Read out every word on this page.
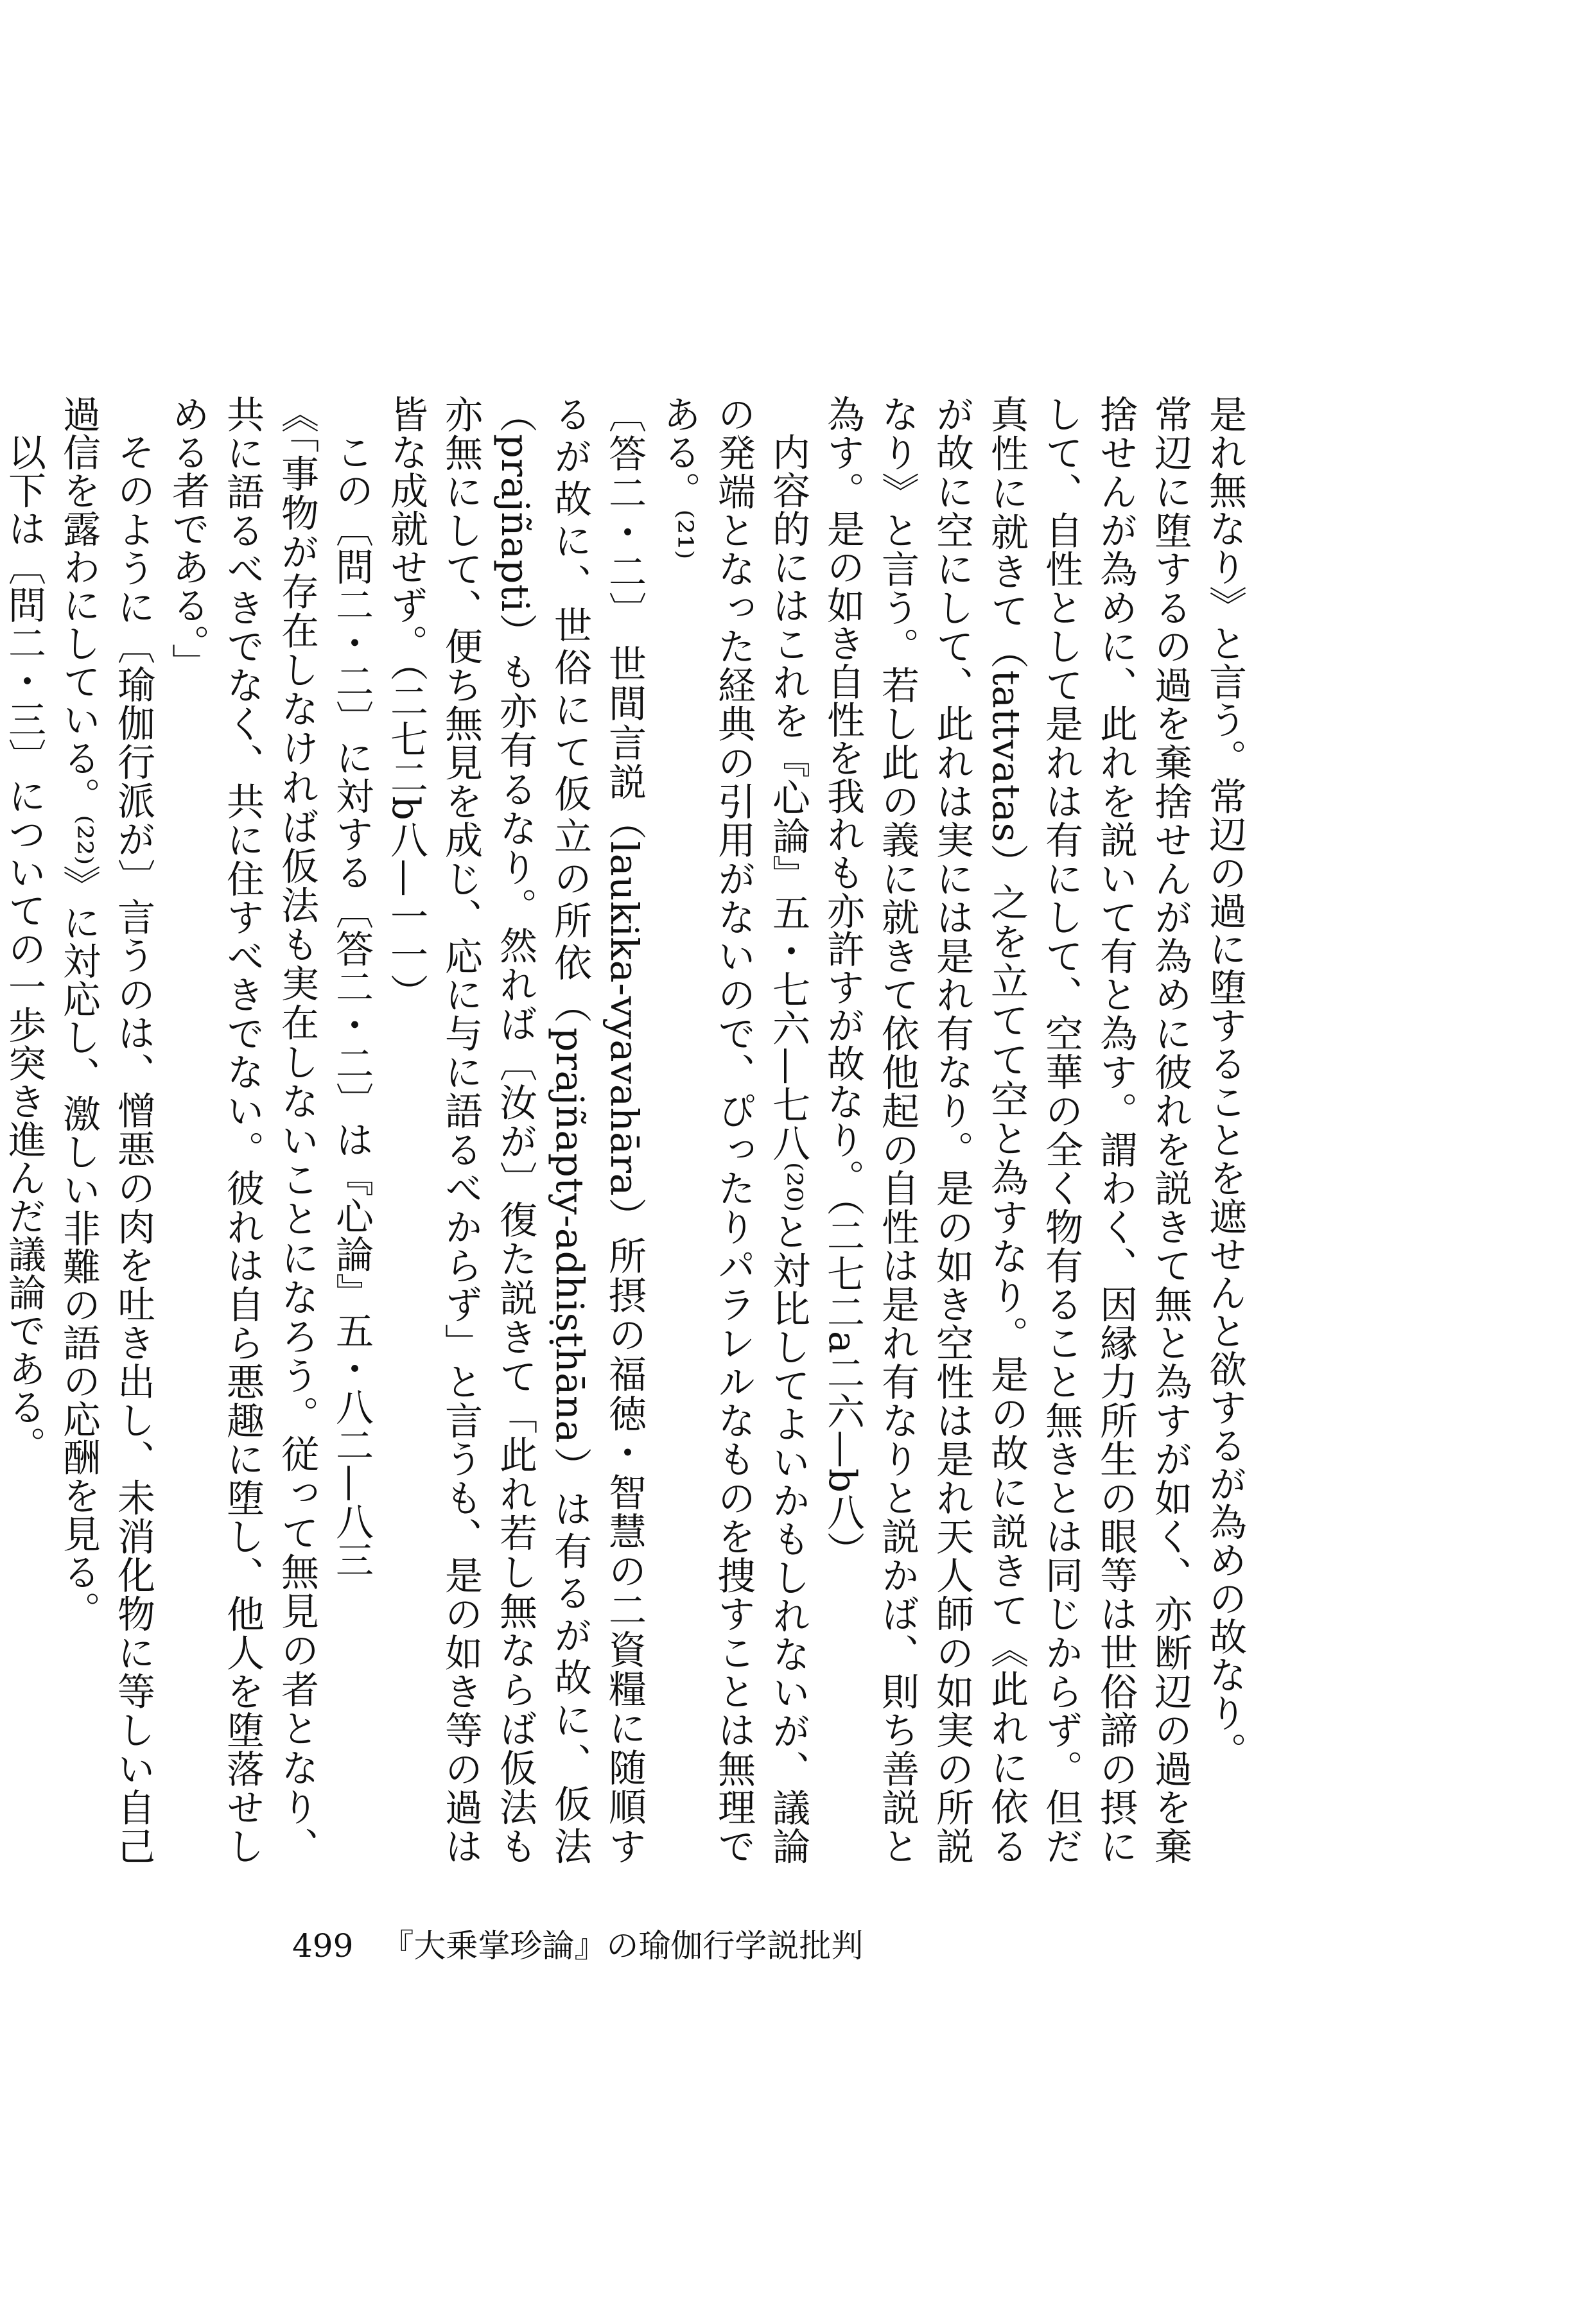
是れ無なり》と言う。常辺の過に堕することを遮せんと欲するが為めの故なり。

常辺に堕するの過を棄捨せんが為めに彼れを説きて無と為すが如く、亦断辺の過を棄捨せんが為めに、此れを説いて有と為す。謂わく、因縁力所生の眼等は世俗諦の摂にして、自性として是れは有にして、空華の全く物有ること無きとは同じからず。但だ真性に就きて（tattvatas）之を立てて空と為すなり。是の故に説きて《此れに依るが故に空にして、此れは実には是れ有なり。是の如き空性は是れ天人師の如実の所説なり》と言う。若し此の義に就きて依他起の自性は是れ有なりと説かば、則ち善説と為す。是の如き自性を我れも亦許すが故なり。（二七二a二六—b八）

内容的にはこれを『心論』五・七六—七八⁽²⁰⁾と対比してよいかもしれないが、議論の発端となった経典の引用がないので、ぴったりパラレルなものを捜すことは無理である。⁽²¹⁾

〔答二・二〕 世間言説（laukika-vyavahāra）所摂の福徳・智慧の二資糧に随順するが故に、世俗にて仮立の所依（prajñapty-adhiṣṭhāna）は有るが故に、仮法（prajñapti）も亦有るなり。然れば〔汝が〕復た説きて「此れ若し無ならば仮法も亦無にして、便ち無見を成じ、応に与に語るべからず」と言うも、是の如き等の過は皆な成就せず。（二七二b八—一一）

この〔問二・二〕に対する〔答二・二〕は『心論』五・八二—八三

《「事物が存在しなければ仮法も実在しないことになろう。従って無見の者となり、共に語るべきでなく、共に住すべきでない。彼れは自ら悪趣に堕し、他人を堕落せしめる者である。」

そのように〔瑜伽行派が〕言うのは、憎悪の肉を吐き出し、未消化物に等しい自己過信を露わにしている。⁽²²⁾》に対応し、激しい非難の語の応酬を見る。

以下は〔問二・三〕についての一歩突き進んだ議論である。

499 『大乗掌珍論』の瑜伽行学説批判
